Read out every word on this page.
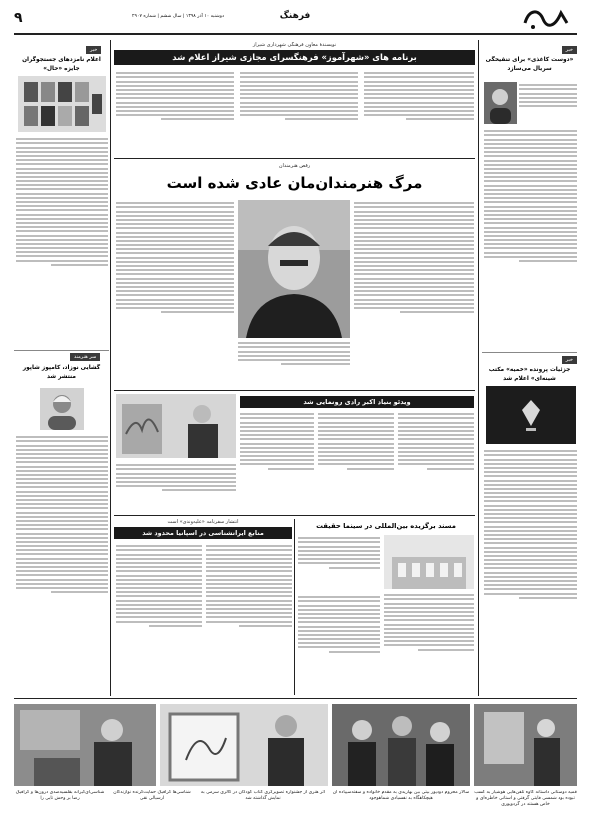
۹	فرهنگ
دوشنبه ۱۰ آذر ۱۳۹۸ | سال ششم | شماره ۲۹۰۷
خبر
«دوست کاغذی» برای تنقیحگی سریال می‌سازد
خبر
جزئیات پرونده «خمیه» مکتب شینه‌ای» اعلام شد
خبر
اعلام نامزدهای جستجوگران جایزه «حال»
سر هنرمند
گشایی نوزاد، کامپوز شاپور منتشر شد
نویسندهٔ معاون فرهنگی شهرداری شیراز
برنامه های «شهرآموز» فرهنگسرای مجازی شیراز اعلام شد
رقص هنرمندان
مرگ هنرمندان‌مان عادی شده است
ویدئو بنیاد اکبر رادی رونمایی شد
مسند برگزیده بین‌المللی در سینما حقیقت
انتشار سفرنامه «علیه‌وندی» است
منابع ایرانشناسی در اسپانیا محدود شد
قمیه دوستانی داستانه کاوه تلفن‌هایی هوشیار به کسب تبوده بود شمسی فایتی گرفتی و استانی خاطره‌ای و خاص هستند در گردوپوری
سالار محروم دودپور بیتی بین بهاریدی به مقدم خانواده و سفته‌سپیاده آن هیچکاهگاه بد نفسیادی شماهوجود
اثر هنری از جشنواره تصویرگری کتاب کودکان در گالری سرمی به نمایش گذاشته شد
شناسی‌ها گرافیک حمایت‌گرنده نوازندگان ارسیالی نقی
شناسی‌ای‌گیرانه بقلسیه‌صدی درون‌ها و گرافیک رضا بر وحش تایی را
